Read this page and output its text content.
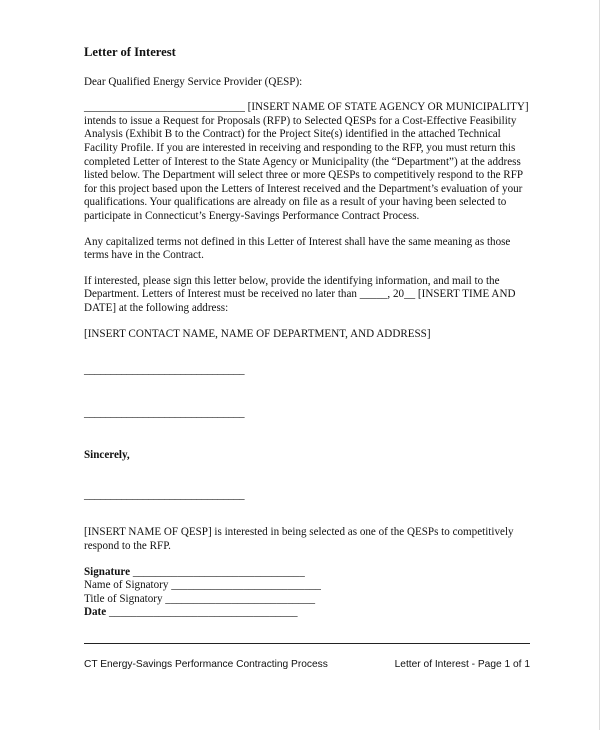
Letter of Interest

Dear Qualified Energy Service Provider (QESP):

_____________________________ [INSERT NAME OF STATE AGENCY OR MUNICIPALITY] intends to issue a Request for Proposals (RFP) to Selected QESPs for a Cost-Effective Feasibility Analysis (Exhibit B to the Contract) for the Project Site(s) identified in the attached Technical Facility Profile. If you are interested in receiving and responding to the RFP, you must return this completed Letter of Interest to the State Agency or Municipality (the “Department”) at the address listed below. The Department will select three or more QESPs to competitively respond to the RFP for this project based upon the Letters of Interest received and the Department’s evaluation of your qualifications. Your qualifications are already on file as a result of your having been selected to participate in Connecticut’s Energy-Savings Performance Contract Process.

Any capitalized terms not defined in this Letter of Interest shall have the same meaning as those terms have in the Contract.

If interested, please sign this letter below, provide the identifying information, and mail to the Department. Letters of Interest must be received no later than _____, 20__ [INSERT TIME AND DATE] at the following address:

[INSERT CONTACT NAME, NAME OF DEPARTMENT, AND ADDRESS]

______________________________

______________________________

Sincerely,

______________________________

[INSERT NAME OF QESP] is interested in being selected as one of the QESPs to competitively respond to the RFP.

Signature _______________________________
Name of Signatory ___________________________
Title of Signatory ___________________________
Date __________________________________
CT Energy-Savings Performance Contracting Process	Letter of Interest - Page 1 of 1
